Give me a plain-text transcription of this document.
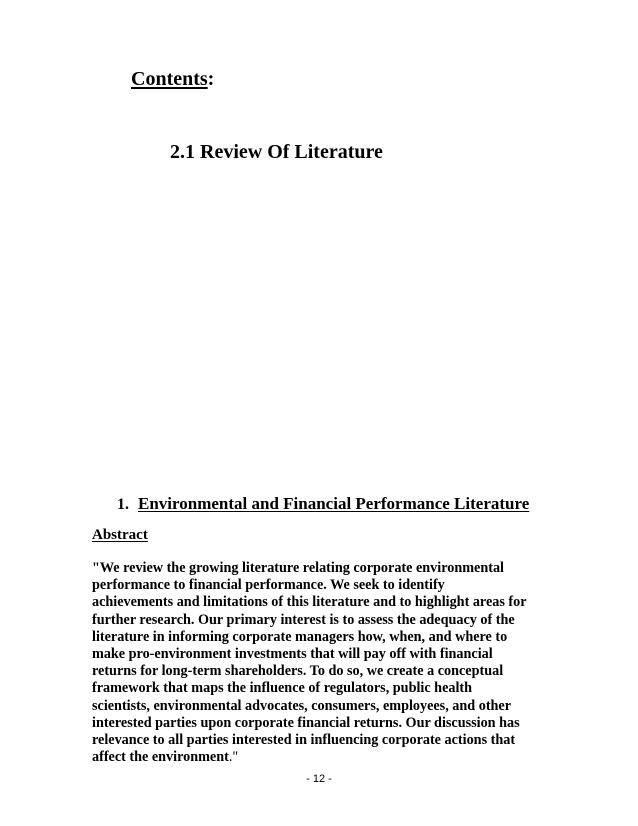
Contents:
2.1 Review Of Literature
1. Environmental and Financial Performance Literature
Abstract
"We review the growing literature relating corporate environmental
performance to financial performance. We seek to identify
achievements and limitations of this literature and to highlight areas for
further research. Our primary interest is to assess the adequacy of the
literature in informing corporate managers how, when, and where to
make pro-environment investments that will pay off with financial
returns for long-term shareholders. To do so, we create a conceptual
framework that maps the influence of regulators, public health
scientists, environmental advocates, consumers, employees, and other
interested parties upon corporate financial returns. Our discussion has
relevance to all parties interested in influencing corporate actions that
affect the environment."
- 12 -
